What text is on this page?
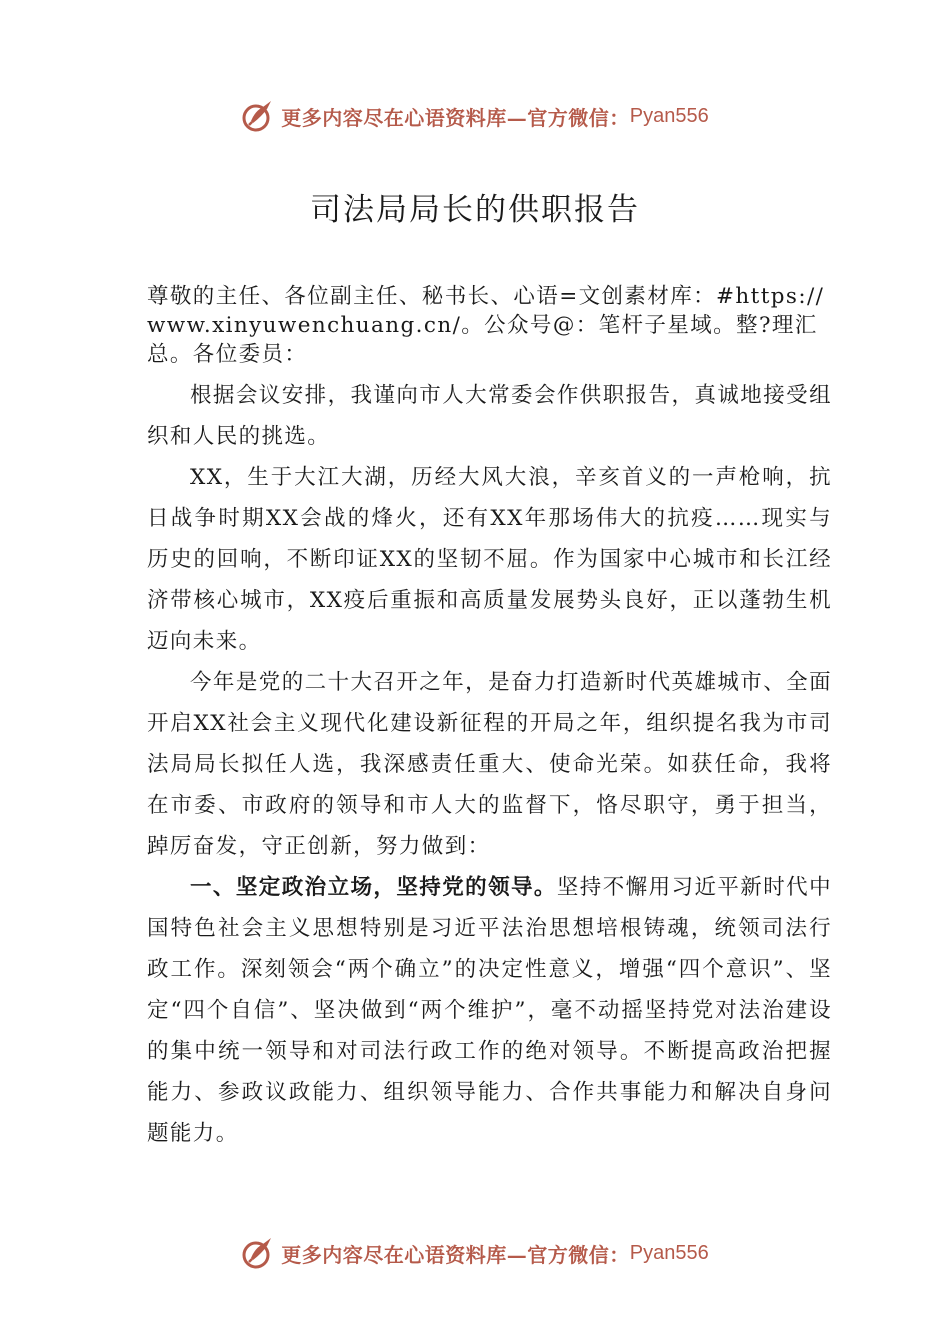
更多内容尽在心语资料库—官方微信： Pyan556
司法局局长的供职报告

尊敬的主任、各位副主任、秘书长、心语=文创素材库：#https://www.xinyuwenchuang.cn/。公众号@：笔杆子星域。整?理汇总。各位委员：

根据会议安排，我谨向市人大常委会作供职报告，真诚地接受组织和人民的挑选。

XX，生于大江大湖，历经大风大浪，辛亥首义的一声枪响，抗日战争时期XX会战的烽火，还有XX年那场伟大的抗疫……现实与历史的回响，不断印证XX的坚韧不屈。作为国家中心城市和长江经济带核心城市，XX疫后重振和高质量发展势头良好，正以蓬勃生机迈向未来。

今年是党的二十大召开之年，是奋力打造新时代英雄城市、全面开启XX社会主义现代化建设新征程的开局之年，组织提名我为市司法局局长拟任人选，我深感责任重大、使命光荣。如获任命，我将在市委、市政府的领导和市人大的监督下，恪尽职守，勇于担当，踔厉奋发，守正创新，努力做到：

一、坚定政治立场，坚持党的领导。坚持不懈用习近平新时代中国特色社会主义思想特别是习近平法治思想培根铸魂，统领司法行政工作。深刻领会“两个确立”的决定性意义，增强“四个意识”、坚定“四个自信”、坚决做到“两个维护”，毫不动摇坚持党对法治建设的集中统一领导和对司法行政工作的绝对领导。不断提高政治把握能力、参政议政能力、组织领导能力、合作共事能力和解决自身问题能力。

更多内容尽在心语资料库—官方微信： Pyan556
